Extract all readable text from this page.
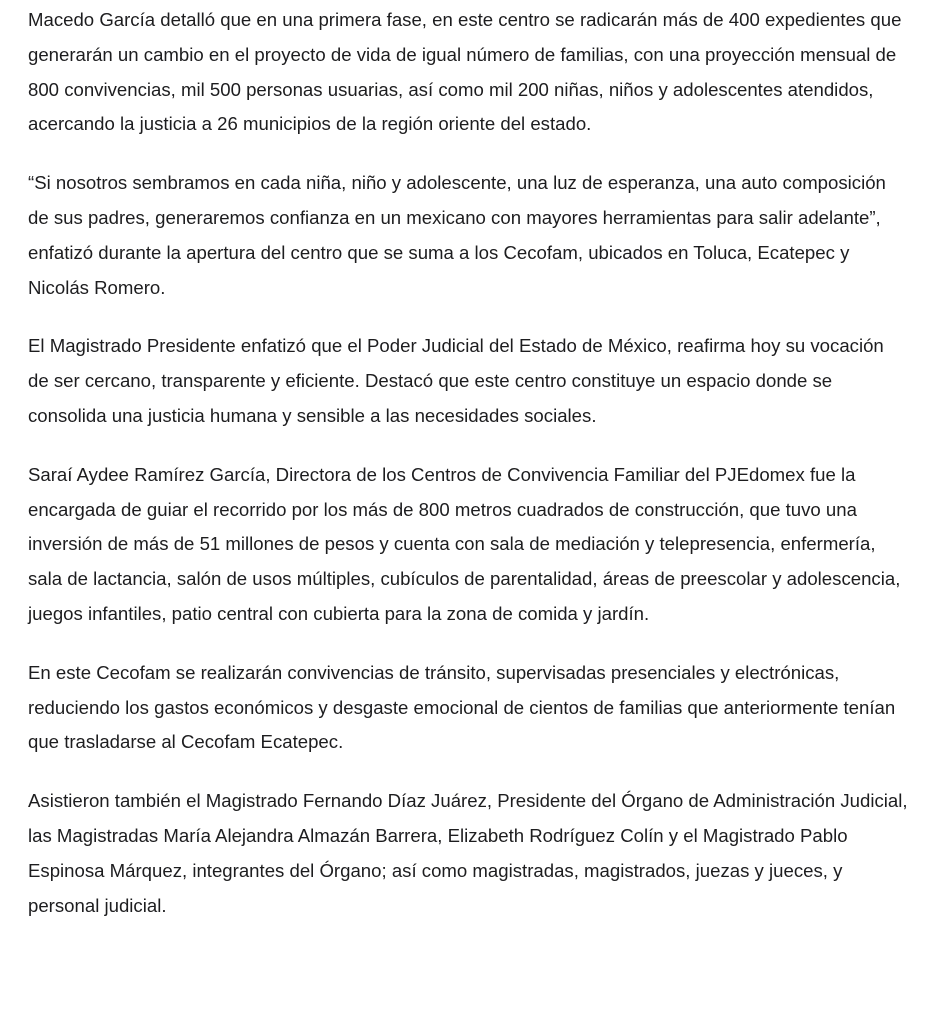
Macedo García detalló que en una primera fase, en este centro se radicarán más de 400 expedientes que generarán un cambio en el proyecto de vida de igual número de familias, con una proyección mensual de 800 convivencias, mil 500 personas usuarias, así como mil 200 niñas, niños y adolescentes atendidos, acercando la justicia a 26 municipios de la región oriente del estado.

“Si nosotros sembramos en cada niña, niño y adolescente, una luz de esperanza, una auto composición de sus padres, generaremos confianza en un mexicano con mayores herramientas para salir adelante”, enfatizó durante la apertura del centro que se suma a los Cecofam, ubicados en Toluca, Ecatepec y Nicolás Romero.

El Magistrado Presidente enfatizó que el Poder Judicial del Estado de México, reafirma hoy su vocación de ser cercano, transparente y eficiente. Destacó que este centro constituye un espacio donde se consolida una justicia humana y sensible a las necesidades sociales.

Saraí Aydee Ramírez García, Directora de los Centros de Convivencia Familiar del PJEdomex fue la encargada de guiar el recorrido por los más de 800 metros cuadrados de construcción, que tuvo una inversión de más de 51 millones de pesos y cuenta con sala de mediación y telepresencia, enfermería, sala de lactancia, salón de usos múltiples, cubículos de parentalidad, áreas de preescolar y adolescencia, juegos infantiles, patio central con cubierta para la zona de comida y jardín.

En este Cecofam se realizarán convivencias de tránsito, supervisadas presenciales y electrónicas, reduciendo los gastos económicos y desgaste emocional de cientos de familias que anteriormente tenían que trasladarse al Cecofam Ecatepec.

Asistieron también el Magistrado Fernando Díaz Juárez, Presidente del Órgano de Administración Judicial, las Magistradas María Alejandra Almazán Barrera, Elizabeth Rodríguez Colín y el Magistrado Pablo Espinosa Márquez, integrantes del Órgano; así como magistradas, magistrados, juezas y jueces, y personal judicial.
